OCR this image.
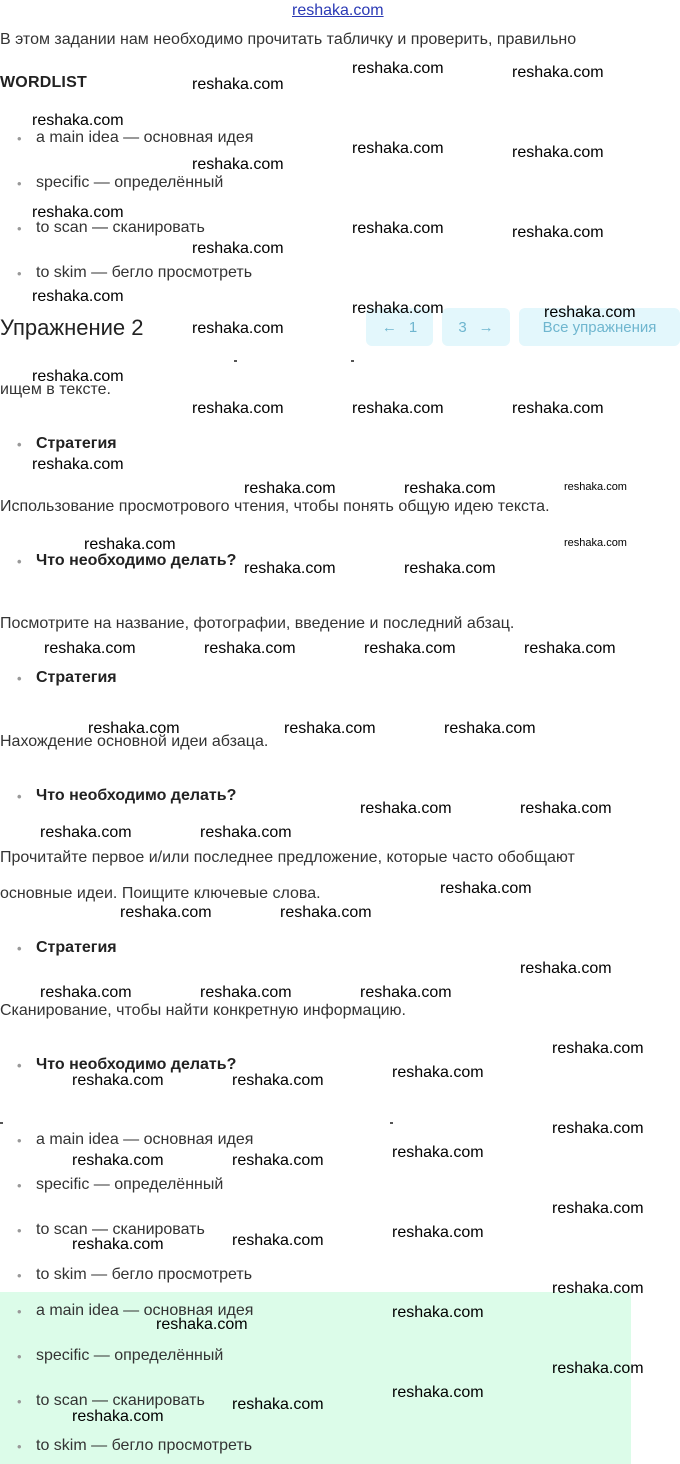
reshaka.com
В этом задании нам необходимо прочитать табличку и проверить, правильно
WORDLIST
• a main idea — основная идея
• specific — определённый
• to scan — сканировать
• to skim — бегло просмотреть
Упражнение 2	← 1	3 →	Все упражнения
ищем в тексте.
• Стратегия
Использование просмотрового чтения, чтобы понять общую идею текста.
• Что необходимо делать?
Посмотрите на название, фотографии, введение и последний абзац.
• Стратегия
Нахождение основной идеи абзаца.
• Что необходимо делать?
Прочитайте первое и/или последнее предложение, которые часто обобщают
основные идеи. Поищите ключевые слова.
• Стратегия
Сканирование, чтобы найти конкретную информацию.
• Что необходимо делать?
• a main idea — основная идея
• specific — определённый
• to scan — сканировать
• to skim — бегло просмотреть
• a main idea — основная идея
• specific — определённый
• to scan — сканировать
• to skim — бегло просмотреть
reshaka.com	reshaka.com
reshaka.com
reshaka.com
reshaka.com	reshaka.com
reshaka.com
reshaka.com
reshaka.com	reshaka.com
reshaka.com
reshaka.com
reshaka.com	reshaka.com
reshaka.com
reshaka.com
reshaka.com	reshaka.com	reshaka.com
reshaka.com
reshaka.com	reshaka.com	reshaka.com
reshaka.com	reshaka.com
reshaka.com	reshaka.com
reshaka.com	reshaka.com	reshaka.com	reshaka.com
reshaka.com	reshaka.com	reshaka.com
reshaka.com	reshaka.com
reshaka.com	reshaka.com
reshaka.com
reshaka.com	reshaka.com
reshaka.com
reshaka.com	reshaka.com	reshaka.com
reshaka.com
reshaka.com
reshaka.com	reshaka.com
reshaka.com
reshaka.com
reshaka.com	reshaka.com
reshaka.com
reshaka.com
reshaka.com
reshaka.com
reshaka.com
reshaka.com
reshaka.com
reshaka.com
reshaka.com
reshaka.com
reshaka.com
